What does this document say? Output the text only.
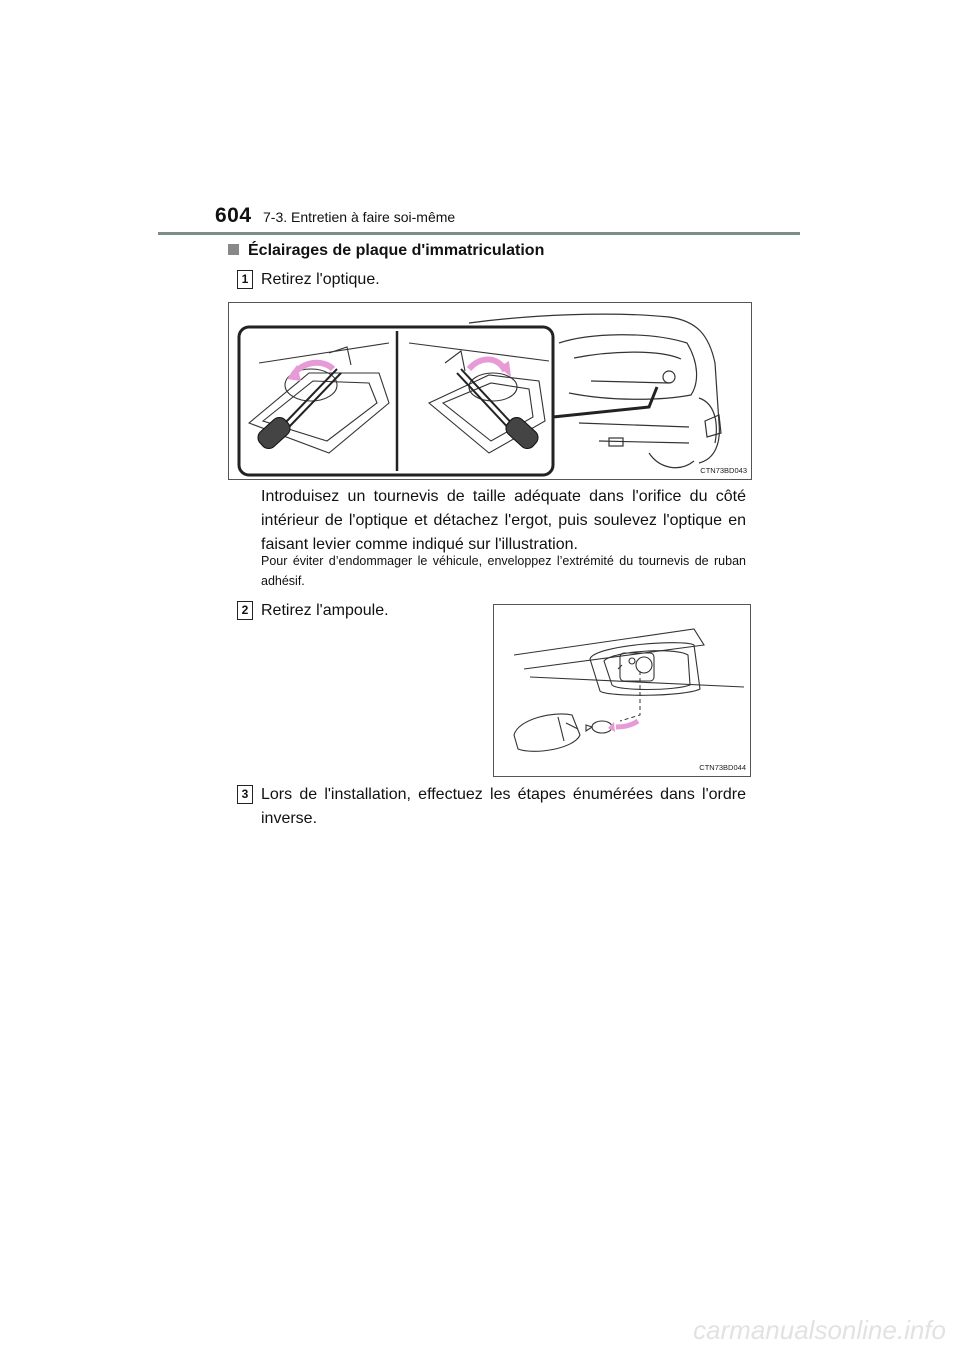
604 7-3. Entretien à faire soi-même
Éclairages de plaque d'immatriculation
1 Retirez l'optique.
CTN73BD043
Introduisez un tournevis de taille adéquate dans l'orifice du côté intérieur de l'optique et détachez l'ergot, puis soulevez l'optique en faisant levier comme indiqué sur l'illustration.
Pour éviter d’endommager le véhicule, enveloppez l’extrémité du tournevis de ruban adhésif.
2 Retirez l'ampoule.
CTN73BD044
3 Lors de l'installation, effectuez les étapes énumérées dans l'ordre inverse.
carmanualsonline.info
